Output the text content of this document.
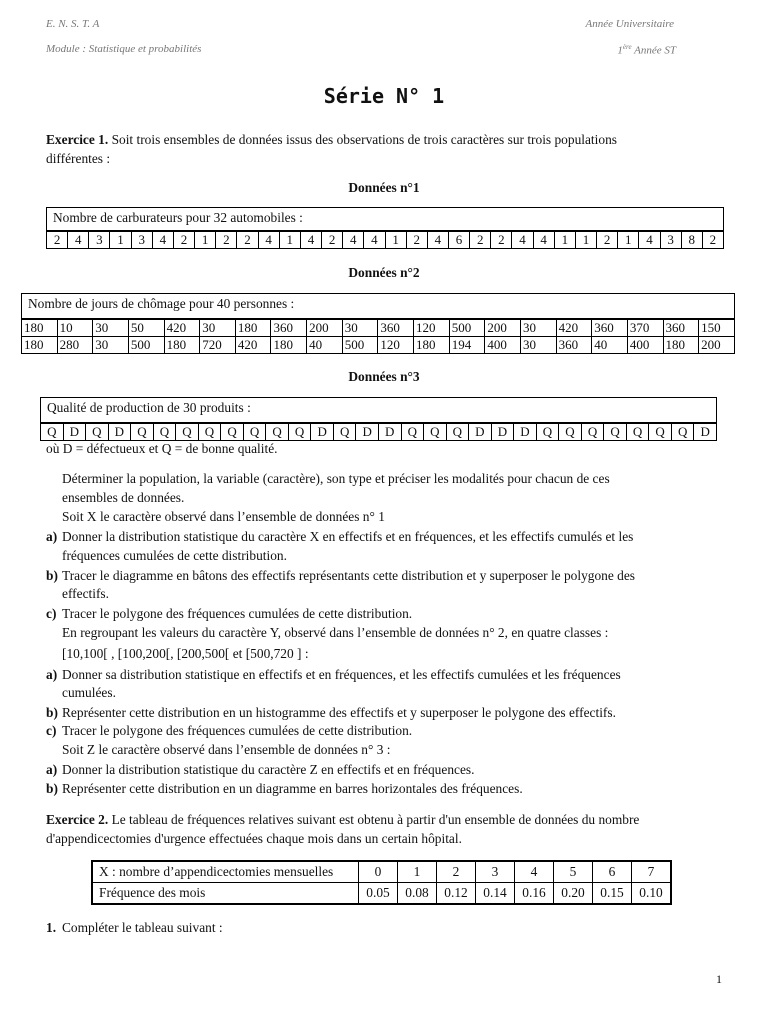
E. N. S. T. A
Module : Statistique et probabilités
Année Universitaire
1ère Année ST
Série N° 1

Exercice 1. Soit trois ensembles de données issus des observations de trois caractères sur trois populations
différentes :

Données n°1
Nombre de carburateurs pour 32 automobiles :
2	4	3	1	3	4	2	1	2	2	4	1	4	2	4	4	1	2	4	6	2	2	4	4	1	1	2	1	4	3	8	2
Données n°2
Nombre de jours de chômage pour 40 personnes :
180	10	30	50	420	30	180	360	200	30	360	120	500	200	30	420	360	370	360	150
180	280	30	500	180	720	420	180	40	500	120	180	194	400	30	360	40	400	180	200
Données n°3
Qualité de production de 30 produits :
Q	D	Q	D	Q	Q	Q	Q	Q	Q	Q	Q	D	Q	D	D	Q	Q	Q	D	D	D	Q	Q	Q	Q	Q	Q	Q	D
où D = défectueux et Q = de bonne qualité.
Déterminer la population, la variable (caractère), son type et préciser les modalités pour chacun de ces
ensembles de données.
Soit X le caractère observé dans l’ensemble de données n° 1
a) Donner la distribution statistique du caractère X en effectifs et en fréquences, et les effectifs cumulés et les
fréquences cumulées de cette distribution.
b) Tracer le diagramme en bâtons des effectifs représentants cette distribution et y superposer le polygone des
effectifs.
c) Tracer le polygone des fréquences cumulées de cette distribution.
En regroupant les valeurs du caractère Y, observé dans l’ensemble de données n° 2, en quatre classes :
[10,100[ , [100,200[, [200,500[ et [500,720 ] :
a) Donner sa distribution statistique en effectifs et en fréquences, et les effectifs cumulées et les fréquences
cumulées.
b) Représenter cette distribution en un histogramme des effectifs et y superposer le polygone des effectifs.
c) Tracer le polygone des fréquences cumulées de cette distribution.
Soit Z le caractère observé dans l’ensemble de données n° 3 :
a) Donner la distribution statistique du caractère Z en effectifs et en fréquences.
b) Représenter cette distribution en un diagramme en barres horizontales des fréquences.

Exercice 2. Le tableau de fréquences relatives suivant est obtenu à partir d'un ensemble de données du nombre
d'appendicectomies d'urgence effectuées chaque mois dans un certain hôpital.

X : nombre d’appendicectomies mensuelles	0	1	2	3	4	5	6	7
Fréquence des mois	0.05	0.08	0.12	0.14	0.16	0.20	0.15	0.10
1. Compléter le tableau suivant :
1
